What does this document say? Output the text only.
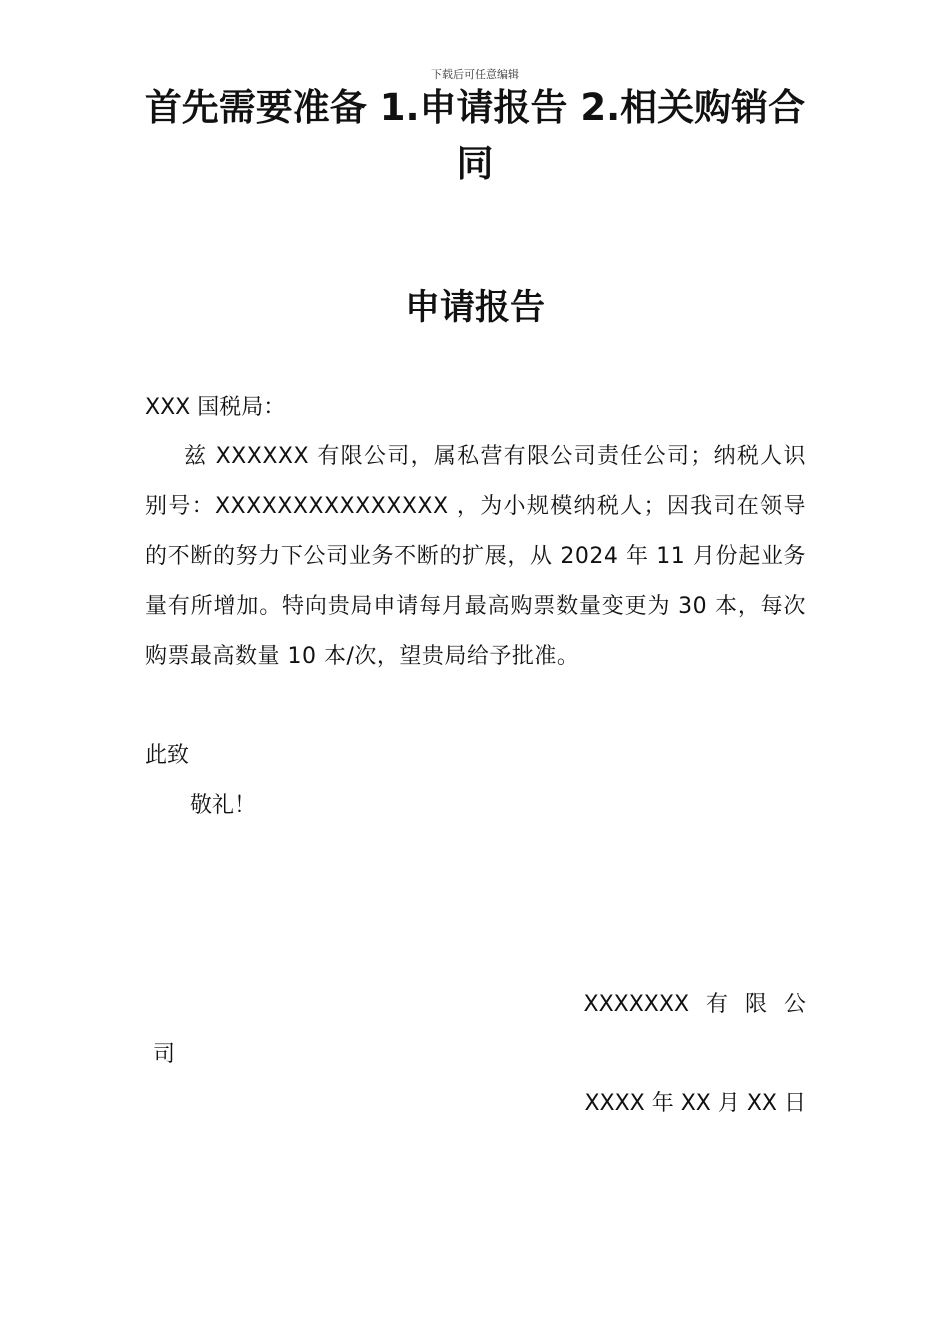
下载后可任意编辑
首先需要准备 1.申请报告 2.相关购销合同
申请报告
XXX 国税局：
兹 XXXXXX 有限公司，属私营有限公司责任公司；纳税人识别号：XXXXXXXXXXXXXXX ，为小规模纳税人；因我司在领导的不断的努力下公司业务不断的扩展，从 2024 年 11 月份起业务量有所增加。特向贵局申请每月最高购票数量变更为 30 本，每次购票最高数量 10 本/次，望贵局给予批准。
此致
敬礼！
XXXXXXX 有 限 公
司
XXXX 年 XX 月 XX 日
